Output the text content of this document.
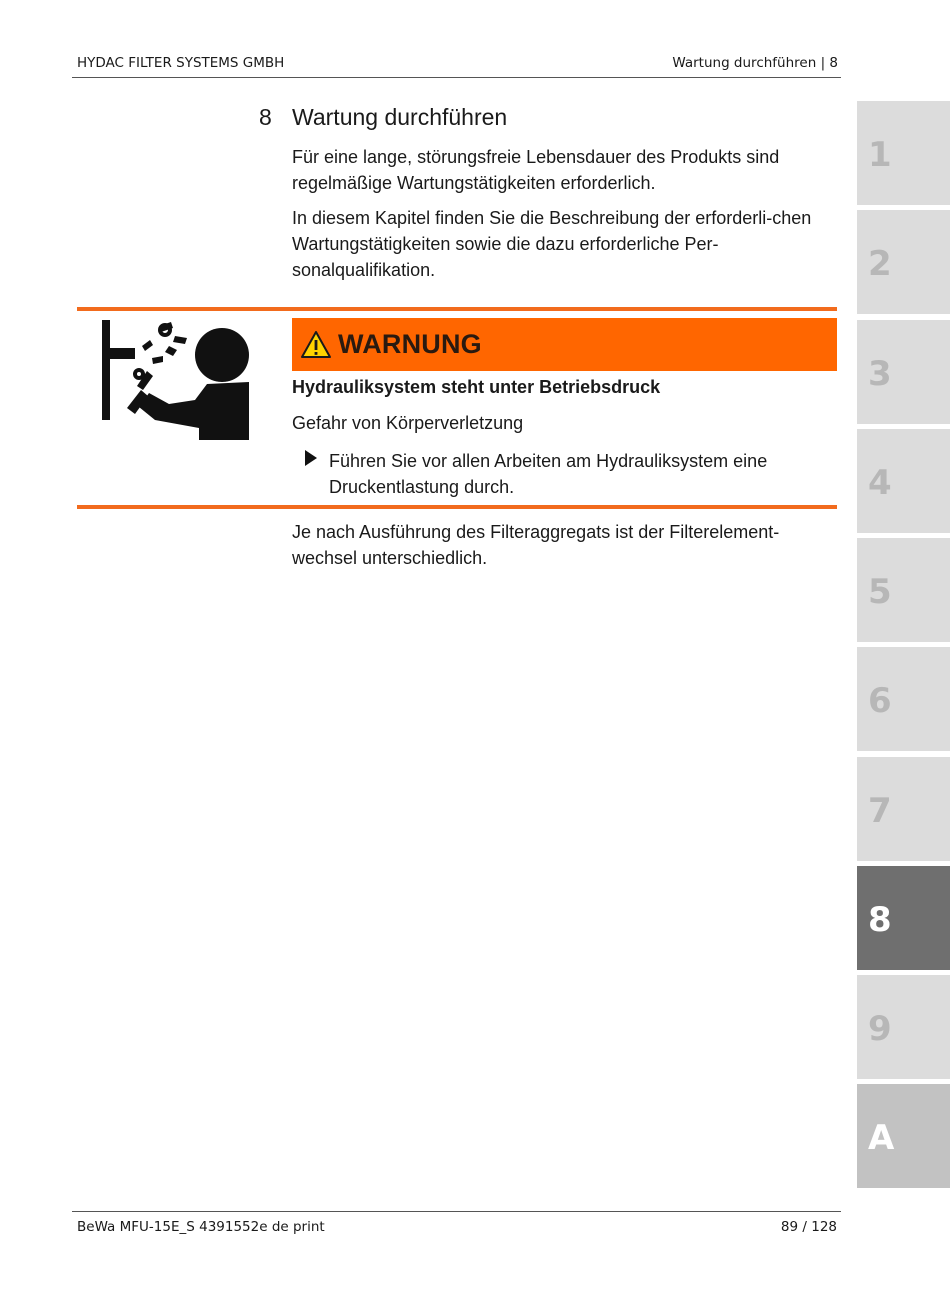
HYDAC FILTER SYSTEMS GMBH	Wartung durchführen | 8
8 Wartung durchführen

Für eine lange, störungsfreie Lebensdauer des Produkts sind regelmäßige Wartungstätigkeiten erforderlich.

In diesem Kapitel finden Sie die Beschreibung der erforderli-chen Wartungstätigkeiten sowie die dazu erforderliche Per-sonalqualifikation.

WARNUNG
Hydrauliksystem steht unter Betriebsdruck
Gefahr von Körperverletzung

Führen Sie vor allen Arbeiten am Hydrauliksystem eine Druckentlastung durch.

Je nach Ausführung des Filteraggregats ist der Filterelement-wechsel unterschiedlich.

1
2
3
4
5
6
7
8
9
A
BeWa MFU-15E_S 4391552e de print	89 / 128
